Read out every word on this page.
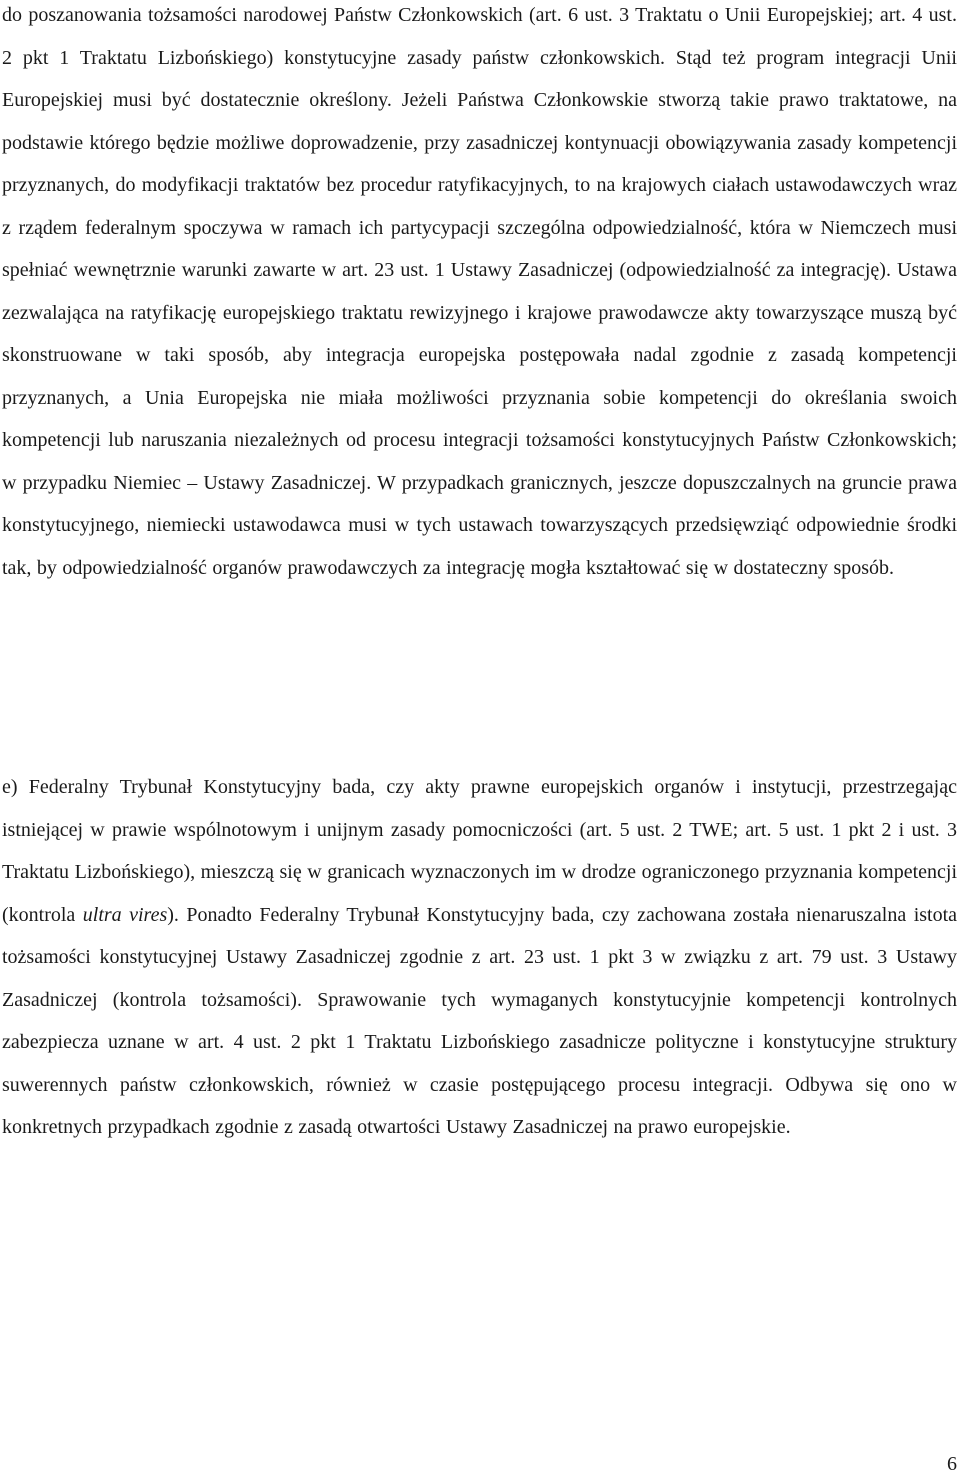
do poszanowania tożsamości narodowej Państw Członkowskich (art. 6 ust. 3 Traktatu o Unii Europejskiej; art. 4 ust. 2 pkt 1 Traktatu Lizbońskiego) konstytucyjne zasady państw członkowskich. Stąd też program integracji Unii Europejskiej musi być dostatecznie określony. Jeżeli Państwa Członkowskie stworzą takie prawo traktatowe, na podstawie którego będzie możliwe doprowadzenie, przy zasadniczej kontynuacji obowiązywania zasady kompetencji przyznanych, do modyfikacji traktatów bez procedur ratyfikacyjnych, to na krajowych ciałach ustawodawczych wraz z rządem federalnym spoczywa w ramach ich partycypacji szczególna odpowiedzialność, która w Niemczech musi spełniać wewnętrznie warunki zawarte w art. 23 ust. 1 Ustawy Zasadniczej (odpowiedzialność za integrację). Ustawa zezwalająca na ratyfikację europejskiego traktatu rewizyjnego i krajowe prawodawcze akty towarzyszące muszą być skonstruowane w taki sposób, aby integracja europejska postępowała nadal zgodnie z zasadą kompetencji przyznanych, a Unia Europejska nie miała możliwości przyznania sobie kompetencji do określania swoich kompetencji lub naruszania niezależnych od procesu integracji tożsamości konstytucyjnych Państw Członkowskich; w przypadku Niemiec – Ustawy Zasadniczej. W przypadkach granicznych, jeszcze dopuszczalnych na gruncie prawa konstytucyjnego, niemiecki ustawodawca musi w tych ustawach towarzyszących przedsięwziąć odpowiednie środki tak, by odpowiedzialność organów prawodawczych za integrację mogła kształtować się w dostateczny sposób.

e) Federalny Trybunał Konstytucyjny bada, czy akty prawne europejskich organów i instytucji, przestrzegając istniejącej w prawie wspólnotowym i unijnym zasady pomocniczości (art. 5 ust. 2 TWE; art. 5 ust. 1 pkt 2 i ust. 3 Traktatu Lizbońskiego), mieszczą się w granicach wyznaczonych im w drodze ograniczonego przyznania kompetencji (kontrola ultra vires). Ponadto Federalny Trybunał Konstytucyjny bada, czy zachowana została nienaruszalna istota tożsamości konstytucyjnej Ustawy Zasadniczej zgodnie z art. 23 ust. 1 pkt 3 w związku z art. 79 ust. 3 Ustawy Zasadniczej (kontrola tożsamości). Sprawowanie tych wymaganych konstytucyjnie kompetencji kontrolnych zabezpiecza uznane w art. 4 ust. 2 pkt 1 Traktatu Lizbońskiego zasadnicze polityczne i konstytucyjne struktury suwerennych państw członkowskich, również w czasie postępującego procesu integracji. Odbywa się ono w konkretnych przypadkach zgodnie z zasadą otwartości Ustawy Zasadniczej na prawo europejskie.

6
